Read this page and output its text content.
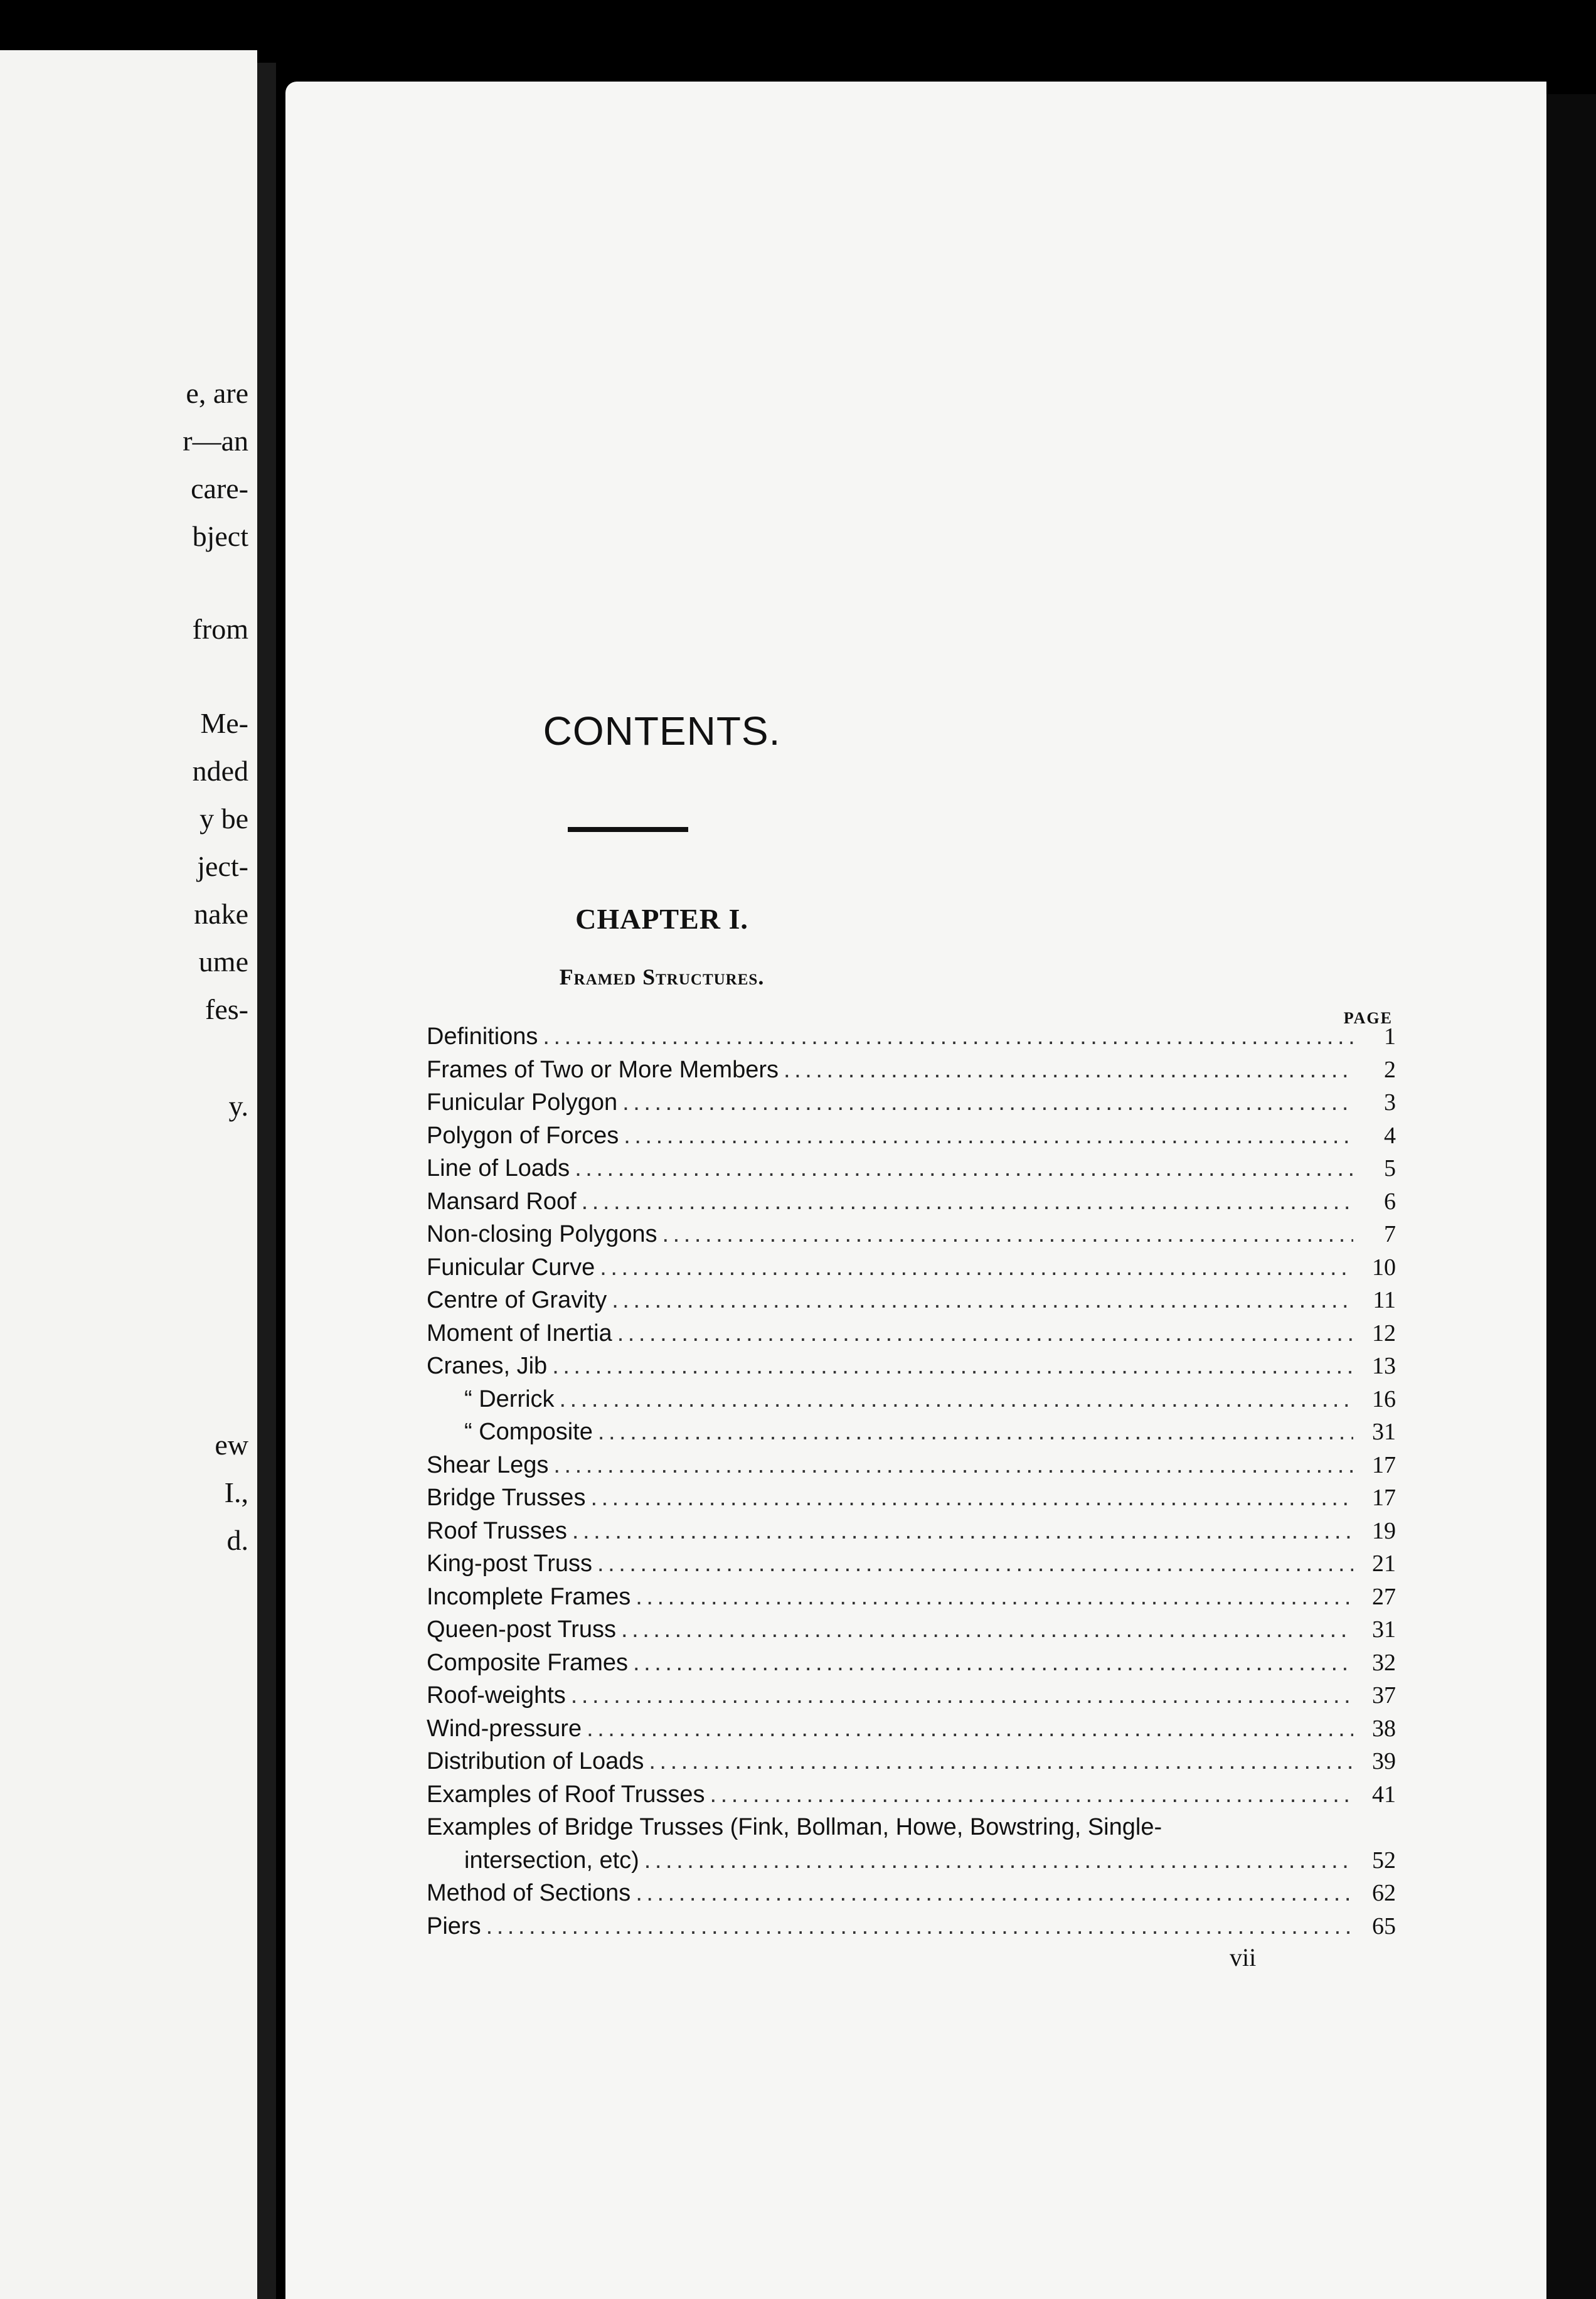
e, are
r—an
care-
bject
from
Me-
nded
y be
ject-
nake
ume
fes-
y.
ew
I.,
d.
CONTENTS.
CHAPTER I.
Framed Structures.
PAGE
Definitions . . .	1
Frames of Two or More Members . . .	2
Funicular Polygon . . .	3
Polygon of Forces . . .	4
Line of Loads . . .	5
Mansard Roof . . .	6
Non-closing Polygons . . .	7
Funicular Curve . . .	10
Centre of Gravity . . .	11
Moment of Inertia . . .	12
Cranes, Jib . . .	13
“ Derrick . . .	16
“ Composite . . .	31
Shear Legs . . .	17
Bridge Trusses . . .	17
Roof Trusses . . .	19
King-post Truss . . .	21
Incomplete Frames . . .	27
Queen-post Truss . . .	31
Composite Frames . . .	32
Roof-weights . . .	37
Wind-pressure . . .	38
Distribution of Loads . . .	39
Examples of Roof Trusses . . .	41
Examples of Bridge Trusses (Fink, Bollman, Howe, Bowstring, Single-
intersection, etc) . . .	52
Method of Sections . . .	62
Piers . . .	65
vii
